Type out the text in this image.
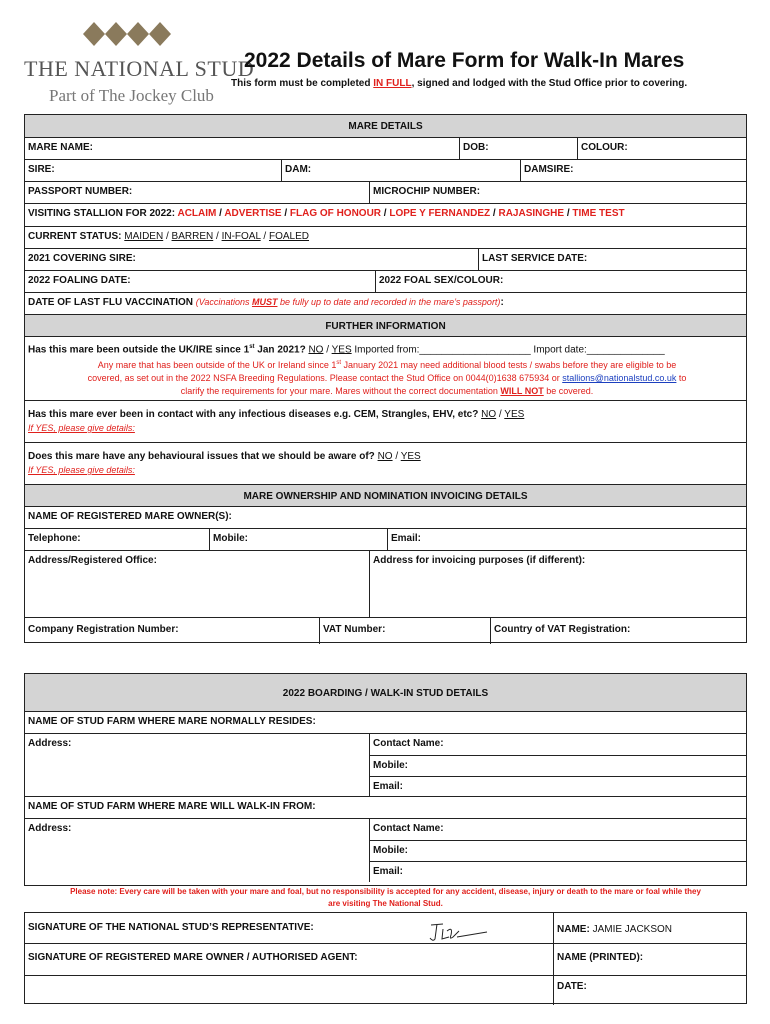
THE NATIONAL STUD
Part of The Jockey Club
2022 Details of Mare Form for Walk-In Mares
This form must be completed IN FULL, signed and lodged with the Stud Office prior to covering.
MARE DETAILS
MARE NAME:	DOB:	COLOUR:
SIRE:	DAM:	DAMSIRE:
PASSPORT NUMBER:	MICROCHIP NUMBER:
VISITING STALLION FOR 2022: ACLAIM / ADVERTISE / FLAG OF HONOUR / LOPE Y FERNANDEZ / RAJASINGHE / TIME TEST
CURRENT STATUS: MAIDEN / BARREN / IN-FOAL / FOALED
2021 COVERING SIRE:	LAST SERVICE DATE:
2022 FOALING DATE:	2022 FOAL SEX/COLOUR:
DATE OF LAST FLU VACCINATION (Vaccinations MUST be fully up to date and recorded in the mare’s passport):
FURTHER INFORMATION
Has this mare been outside the UK/IRE since 1st Jan 2021? NO / YES Imported from:____________________ Import date:______________
Any mare that has been outside of the UK or Ireland since 1st January 2021 may need additional blood tests / swabs before they are eligible to be
covered, as set out in the 2022 NSFA Breeding Regulations. Please contact the Stud Office on 0044(0)1638 675934 or stallions@nationalstud.co.uk to
clarify the requirements for your mare. Mares without the correct documentation WILL NOT be covered.
Has this mare ever been in contact with any infectious diseases e.g. CEM, Strangles, EHV, etc? NO / YES
If YES, please give details:
Does this mare have any behavioural issues that we should be aware of? NO / YES
If YES, please give details:
MARE OWNERSHIP AND NOMINATION INVOICING DETAILS
NAME OF REGISTERED MARE OWNER(S):
Telephone:	Mobile:	Email:
Address/Registered Office:	Address for invoicing purposes (if different):
Company Registration Number:	VAT Number:	Country of VAT Registration:
2022 BOARDING / WALK-IN STUD DETAILS
NAME OF STUD FARM WHERE MARE NORMALLY RESIDES:
Address:	Contact Name:
Mobile:
Email:
NAME OF STUD FARM WHERE MARE WILL WALK-IN FROM:
Address:	Contact Name:
Mobile:
Email:
Please note: Every care will be taken with your mare and foal, but no responsibility is accepted for any accident, disease, injury or death to the mare or foal while they
are visiting The National Stud.
SIGNATURE OF THE NATIONAL STUD’S REPRESENTATIVE:	NAME: JAMIE JACKSON
SIGNATURE OF REGISTERED MARE OWNER / AUTHORISED AGENT:	NAME (PRINTED):
DATE:
